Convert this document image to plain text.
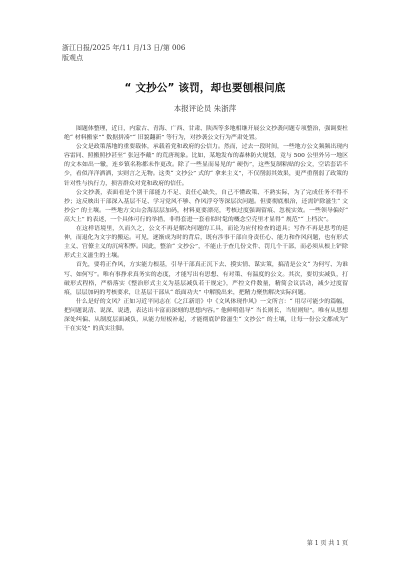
浙江日报/2025 年/11 月/13 日/第 006
版观点
“ 文抄公” 该罚，却也要刨根问底
本报评论员 朱浙萍

图题体整理，近日，内蒙古、青海、广西、甘肃、陕西等多地相继开展公文抄袭问题专项整治，强调要杜绝“ 材料搬家”“ 数据拼凑”“ 旧貌翻新” 等行为，对抄袭公文行为严肃处置。

公文是政策落地的重要载体，承载着党和政府的公信力。然而，过去一段时间，一些地方公文频频出现内容雷同、照搬照抄甚至“ 张冠李戴” 的荒唐现象。比如，某地发布的森林防火规划，竟与 500 公里外另一地区的文本如出一辙，连乡镇名称都未作更改。除了一些显而易见的“ 硬伤”，这些复制粘贴的公文，空话套话不少，看似洋洋洒洒，实则言之无物。这类“ 文抄公” 式的“ 拿来主义”，不仅削弱其效果，更严重削弱了政策的针对性与执行力，损害群众对党和政府的信任。

公文抄袭，表面看是个别干部能力不足、责任心缺失，自己不懂政策、不熟实际，为了完成任务不得不抄；这反映出干部深入基层不足、学习党风不够、作风浮夸等深层次问题。但要彻底根治，还需铲除滋生“ 文抄公” 的土壤。一些地方文山会海层层加码，材料更要漂亮，考核过度强调留痕、忽视实效。一些领导偏好“ 高大上” 的表述，一个具体可行的举措，非得套进一套看似时髦的概念空壳里才显得“ 规范”“ 上档次”。

在这样语境里，久而久之，公文不再是解决问题的工具，而论为应付检查的道具；写作不再是思考的延伸，而退化为文字的搬运。可见，逐渐成为时的背后，既有涉事干部自身责任心、能力和作风问题，也有形式主义、官僚主义的沉疴积弊。因此，整治“ 文抄公”，不能止于查几份文件、罚几个干部，而必须从根上铲除形式主义滋生的土壤。

首先，要将正作风，方实能力根基，引导干部真正沉下去、摸实情、谋实策，搞清是公文“ 为何写、为谁写、如何写”。唯有事挣求真务实的态度，才能写出有思想、有对策、有温度的公文。其次，要切实减负，打破形式程格，严格落实《整治形式主义为基层减负若干规定》，严控文件数量，精简会议活动，减少过度留痕，层层加码的考核要求，让基层干部从“ 纸面功夫” 中解脱出来，把精力聚焦解决实际问题。

什么是好的文风？正如习近平同志在《之江新语》中《文风体现作风》一文所言：“ 用尽可能少的篇幅，把问题说清、说深、说透，表达出丰富而深刻的思想内容。” 他鲜明倡导“ 当长则长，当短则短”。唯有从思想深处纠偏、从制度层面减负，从能力短板补起，才能彻底铲除滋生“ 文抄公” 的土壤，让每一份公文都成为“ 干在实处” 的真实注脚。

第 1 页 共 1 页
